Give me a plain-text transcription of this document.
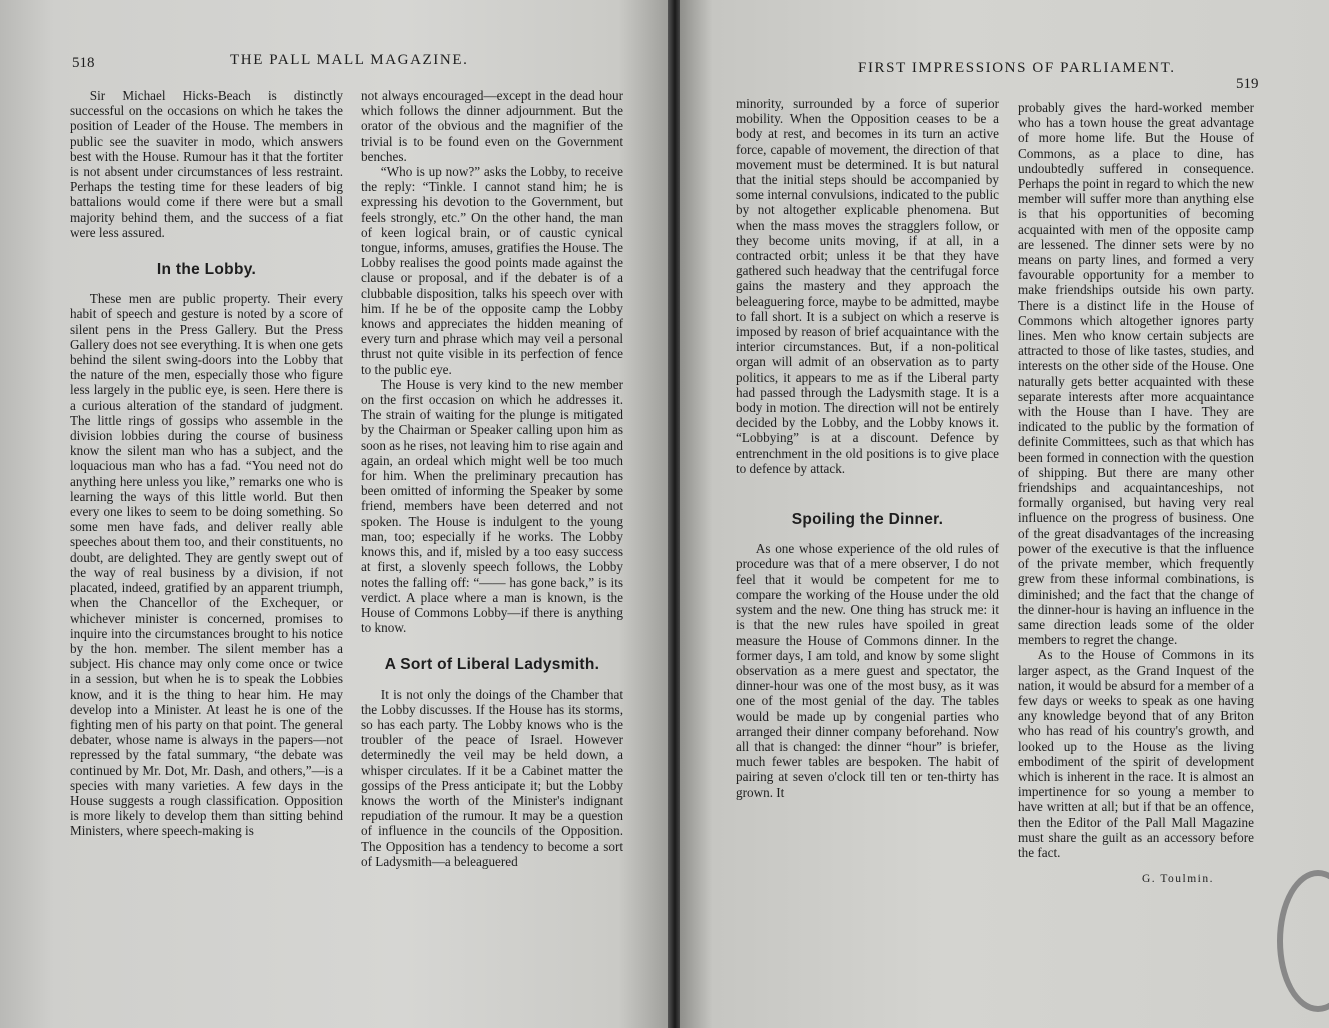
518	THE PALL MALL MAGAZINE.

Sir Michael Hicks-Beach is distinctly successful on the occasions on which he takes the position of Leader of the House. The members in public see the suaviter in modo, which answers best with the House. Rumour has it that the fortiter is not absent under circumstances of less restraint. Perhaps the testing time for these leaders of big battalions would come if there were but a small majority behind them, and the success of a fiat were less assured.

In the Lobby.

These men are public property. Their every habit of speech and gesture is noted by a score of silent pens in the Press Gallery. But the Press Gallery does not see everything. It is when one gets behind the silent swing-doors into the Lobby that the nature of the men, especially those who figure less largely in the public eye, is seen. Here there is a curious alteration of the standard of judgment. The little rings of gossips who assemble in the division lobbies during the course of business know the silent man who has a subject, and the loquacious man who has a fad. “You need not do anything here unless you like,” remarks one who is learning the ways of this little world. But then every one likes to seem to be doing something. So some men have fads, and deliver really able speeches about them too, and their constituents, no doubt, are delighted. They are gently swept out of the way of real business by a division, if not placated, indeed, gratified by an apparent triumph, when the Chancellor of the Exchequer, or whichever minister is concerned, promises to inquire into the circumstances brought to his notice by the hon. member. The silent member has a subject. His chance may only come once or twice in a session, but when he is to speak the Lobbies know, and it is the thing to hear him. He may develop into a Minister. At least he is one of the fighting men of his party on that point. The general debater, whose name is always in the papers—not repressed by the fatal summary, “the debate was continued by Mr. Dot, Mr. Dash, and others,”—is a species with many varieties. A few days in the House suggests a rough classification. Opposition is more likely to develop them than sitting behind Ministers, where speech-making is

not always encouraged—except in the dead hour which follows the dinner adjournment. But the orator of the obvious and the magnifier of the trivial is to be found even on the Government benches.

“Who is up now?” asks the Lobby, to receive the reply: “Tinkle. I cannot stand him; he is expressing his devotion to the Government, but feels strongly, etc.” On the other hand, the man of keen logical brain, or of caustic cynical tongue, informs, amuses, gratifies the House. The Lobby realises the good points made against the clause or proposal, and if the debater is of a clubbable disposition, talks his speech over with him. If he be of the opposite camp the Lobby knows and appreciates the hidden meaning of every turn and phrase which may veil a personal thrust not quite visible in its perfection of fence to the public eye.

The House is very kind to the new member on the first occasion on which he addresses it. The strain of waiting for the plunge is mitigated by the Chairman or Speaker calling upon him as soon as he rises, not leaving him to rise again and again, an ordeal which might well be too much for him. When the preliminary precaution has been omitted of informing the Speaker by some friend, members have been deterred and not spoken. The House is indulgent to the young man, too; especially if he works. The Lobby knows this, and if, misled by a too easy success at first, a slovenly speech follows, the Lobby notes the falling off: “—— has gone back,” is its verdict. A place where a man is known, is the House of Commons Lobby—if there is anything to know.

A Sort of Liberal Ladysmith.

It is not only the doings of the Chamber that the Lobby discusses. If the House has its storms, so has each party. The Lobby knows who is the troubler of the peace of Israel. However determinedly the veil may be held down, a whisper circulates. If it be a Cabinet matter the gossips of the Press anticipate it; but the Lobby knows the worth of the Minister's indignant repudiation of the rumour. It may be a question of influence in the councils of the Opposition. The Opposition has a tendency to become a sort of Ladysmith—a beleaguered

FIRST IMPRESSIONS OF PARLIAMENT.
519

minority, surrounded by a force of superior mobility. When the Opposition ceases to be a body at rest, and becomes in its turn an active force, capable of movement, the direction of that movement must be determined. It is but natural that the initial steps should be accompanied by some internal convulsions, indicated to the public by not altogether explicable phenomena. But when the mass moves the stragglers follow, or they become units moving, if at all, in a contracted orbit; unless it be that they have gathered such headway that the centrifugal force gains the mastery and they approach the beleaguering force, maybe to be admitted, maybe to fall short. It is a subject on which a reserve is imposed by reason of brief acquaintance with the interior circumstances. But, if a non-political organ will admit of an observation as to party politics, it appears to me as if the Liberal party had passed through the Ladysmith stage. It is a body in motion. The direction will not be entirely decided by the Lobby, and the Lobby knows it. “Lobbying” is at a discount. Defence by entrenchment in the old positions is to give place to defence by attack.

Spoiling the Dinner.

As one whose experience of the old rules of procedure was that of a mere observer, I do not feel that it would be competent for me to compare the working of the House under the old system and the new. One thing has struck me: it is that the new rules have spoiled in great measure the House of Commons dinner. In the former days, I am told, and know by some slight observation as a mere guest and spectator, the dinner-hour was one of the most busy, as it was one of the most genial of the day. The tables would be made up by congenial parties who arranged their dinner company beforehand. Now all that is changed: the dinner “hour” is briefer, much fewer tables are bespoken. The habit of pairing at seven o'clock till ten or ten-thirty has grown. It

probably gives the hard-worked member who has a town house the great advantage of more home life. But the House of Commons, as a place to dine, has undoubtedly suffered in consequence. Perhaps the point in regard to which the new member will suffer more than anything else is that his opportunities of becoming acquainted with men of the opposite camp are lessened. The dinner sets were by no means on party lines, and formed a very favourable opportunity for a member to make friendships outside his own party. There is a distinct life in the House of Commons which altogether ignores party lines. Men who know certain subjects are attracted to those of like tastes, studies, and interests on the other side of the House. One naturally gets better acquainted with these separate interests after more acquaintance with the House than I have. They are indicated to the public by the formation of definite Committees, such as that which has been formed in connection with the question of shipping. But there are many other friendships and acquaintanceships, not formally organised, but having very real influence on the progress of business. One of the great disadvantages of the increasing power of the executive is that the influence of the private member, which frequently grew from these informal combinations, is diminished; and the fact that the change of the dinner-hour is having an influence in the same direction leads some of the older members to regret the change.

As to the House of Commons in its larger aspect, as the Grand Inquest of the nation, it would be absurd for a member of a few days or weeks to speak as one having any knowledge beyond that of any Briton who has read of his country's growth, and looked up to the House as the living embodiment of the spirit of development which is inherent in the race. It is almost an impertinence for so young a member to have written at all; but if that be an offence, then the Editor of the Pall Mall Magazine must share the guilt as an accessory before the fact.

G. Toulmin.
